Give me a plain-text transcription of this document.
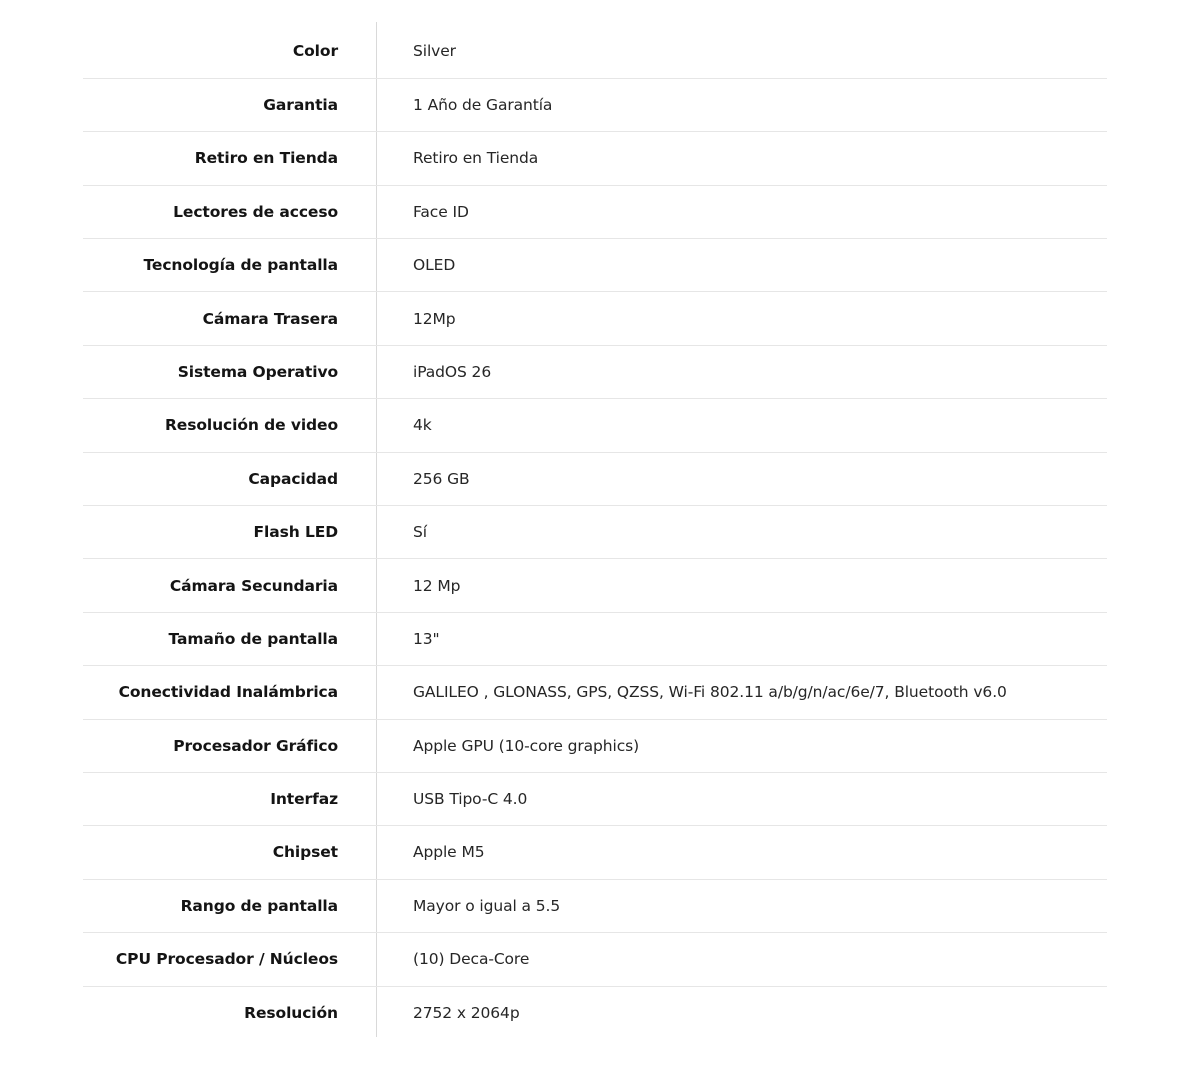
Color	Silver
Garantia	1 Año de Garantía
Retiro en Tienda	Retiro en Tienda
Lectores de acceso	Face ID
Tecnología de pantalla	OLED
Cámara Trasera	12Mp
Sistema Operativo	iPadOS 26
Resolución de video	4k
Capacidad	256 GB
Flash LED	Sí
Cámara Secundaria	12 Mp
Tamaño de pantalla	13"
Conectividad Inalámbrica	GALILEO , GLONASS, GPS, QZSS, Wi-Fi 802.11 a/b/g/n/ac/6e/7, Bluetooth v6.0
Procesador Gráfico	Apple GPU (10-core graphics)
Interfaz	USB Tipo-C 4.0
Chipset	Apple M5
Rango de pantalla	Mayor o igual a 5.5
CPU Procesador / Núcleos	(10) Deca-Core
Resolución	2752 x 2064p
